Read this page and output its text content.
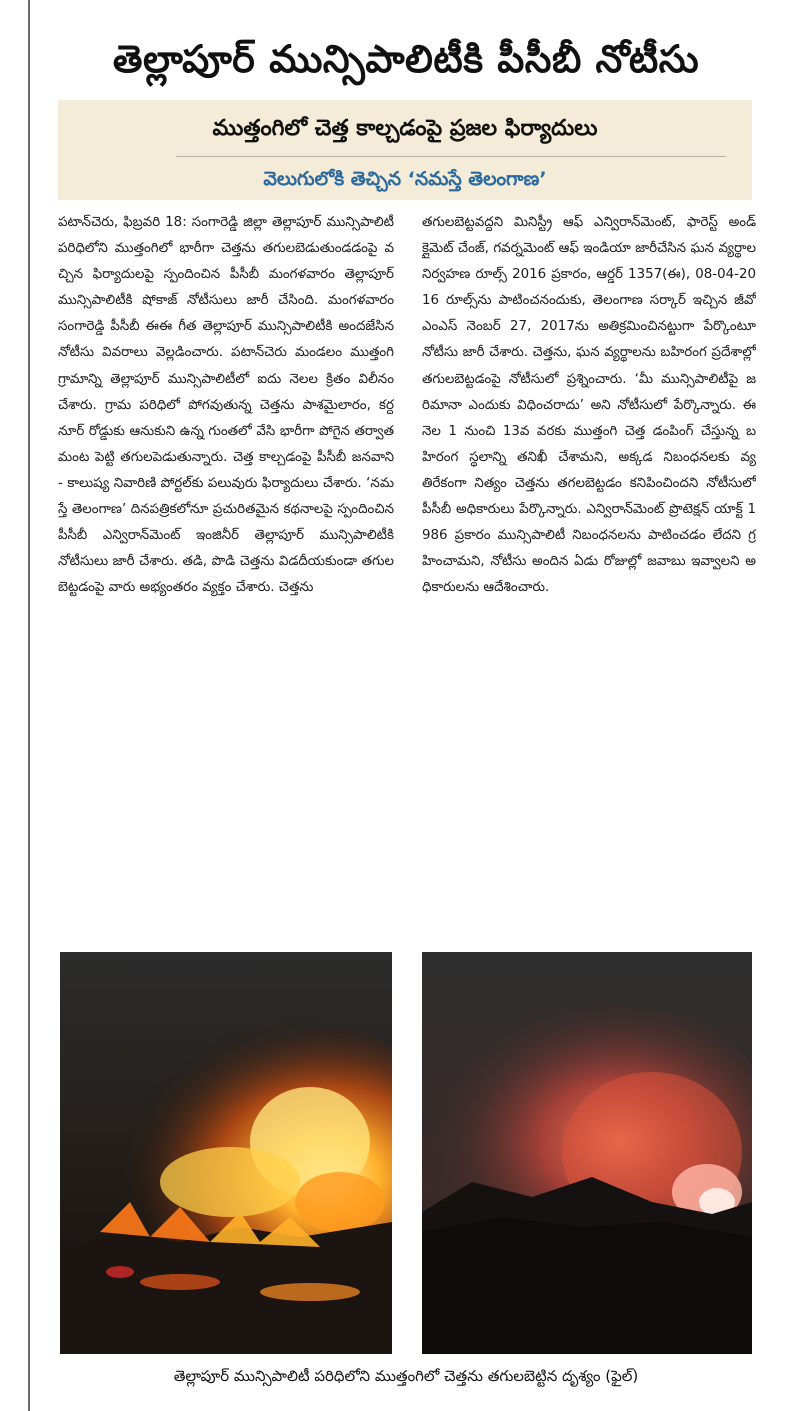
తెల్లాపూర్ మున్సిపాలిటీకి పీసీబీ నోటీసు
ముత్తంగిలో చెత్త కాల్చడంపై ప్రజల ఫిర్యాదులు
వెలుగులోకి తెచ్చిన ‘నమస్తే తెలంగాణ’
పటాన్‌చెరు, ఫిబ్రవరి 18: సంగారెడ్డి జిల్లా తెల్లాపూర్ మున్సిపాలిటీ పరిధిలోని ముత్తంగిలో భారీగా చెత్తను తగులబెడుతుండడంపై వచ్చిన ఫిర్యాదులపై స్పందించిన పీసీబీ మంగళవారం తెల్లాపూర్ మున్సిపాలిటీకి షోకాజ్ నోటీసులు జారీ చేసింది. మంగళవారం సంగారెడ్డి పీసీబీ ఈఈ గీత తెల్లాపూర్ మున్సిపాలిటీకి అందజేసిన నోటీసు వివరాలు వెల్లడించారు. పటాన్‌చెరు మండలం ముత్తంగి గ్రామాన్ని తెల్లాపూర్ మున్సిపాలిటీలో ఐదు నెలల క్రితం విలీనం చేశారు. గ్రామ పరిధిలో పోగవుతున్న చెత్తను పాశమైలారం, కర్దనూర్ రోడ్డుకు ఆనుకుని ఉన్న గుంతలో వేసి భారీగా పోగైన తర్వాత మంట పెట్టి తగులపెడుతున్నారు. చెత్త కాల్చడంపై పీసీబీ జనవాని - కాలుష్య నివారిణి పోర్టల్‌కు పలువురు ఫిర్యాదులు చేశారు. ‘నమస్తే తెలంగాణ’ దినపత్రికలోనూ ప్రచురితమైన కథనాలపై స్పందించిన పీసీబీ ఎన్విరాన్‌మెంట్ ఇంజినీర్ తెల్లాపూర్ మున్సిపాలిటీకి నోటీసులు జారీ చేశారు. తడి, పొడి చెత్తను విడదీయకుండా తగులబెట్టడంపై వారు అభ్యంతరం వ్యక్తం చేశారు. చెత్తను
తగులబెట్టవద్దని మినిస్ట్రీ ఆఫ్ ఎన్విరాన్‌మెంట్, ఫారెస్ట్ అండ్ క్లైమెట్ చేంజ్, గవర్నమెంట్ ఆఫ్ ఇండియా జారీచేసిన ఘన వ్యర్థాల నిర్వహణ రూల్స్ 2016 ప్రకారం, ఆర్డర్ 1357(ఈ), 08-04-2016 రూల్స్‌ను పాటించనందుకు, తెలంగాణ సర్కార్ ఇచ్చిన జీవో ఎంఎస్ నెంబర్ 27, 2017ను అతిక్రమించినట్టుగా పేర్కొంటూ నోటీసు జారీ చేశారు. చెత్తను, ఘన వ్యర్థాలను బహిరంగ ప్రదేశాల్లో తగులబెట్టడంపై నోటీసులో ప్రశ్నించారు. ‘మీ మున్సిపాలిటీపై జరిమానా ఎందుకు విధించరాదు’ అని నోటీసులో పేర్కొన్నారు. ఈనెల 1 నుంచి 13వ వరకు ముత్తంగి చెత్త డంపింగ్ చేస్తున్న బహిరంగ స్థలాన్ని తనిఖీ చేశామని, అక్కడ నిబంధనలకు వ్యతిరేకంగా నిత్యం చెత్తను తగలబెట్టడం కనిపించిందని నోటీసులో పీసీబీ అధికారులు పేర్కొన్నారు. ఎన్విరాన్‌మెంట్ ప్రొటెక్షన్ యాక్ట్ 1986 ప్రకారం మున్సిపాలిటీ నిబంధనలను పాటించడం లేదని గ్రహించామని, నోటీసు అందిన ఏడు రోజుల్లో జవాబు ఇవ్వాలని అధికారులను ఆదేశించారు.
తెల్లాపూర్ మున్సిపాలిటీ పరిధిలోని ముత్తంగిలో చెత్తను తగులబెట్టిన దృశ్యం (ఫైల్)
